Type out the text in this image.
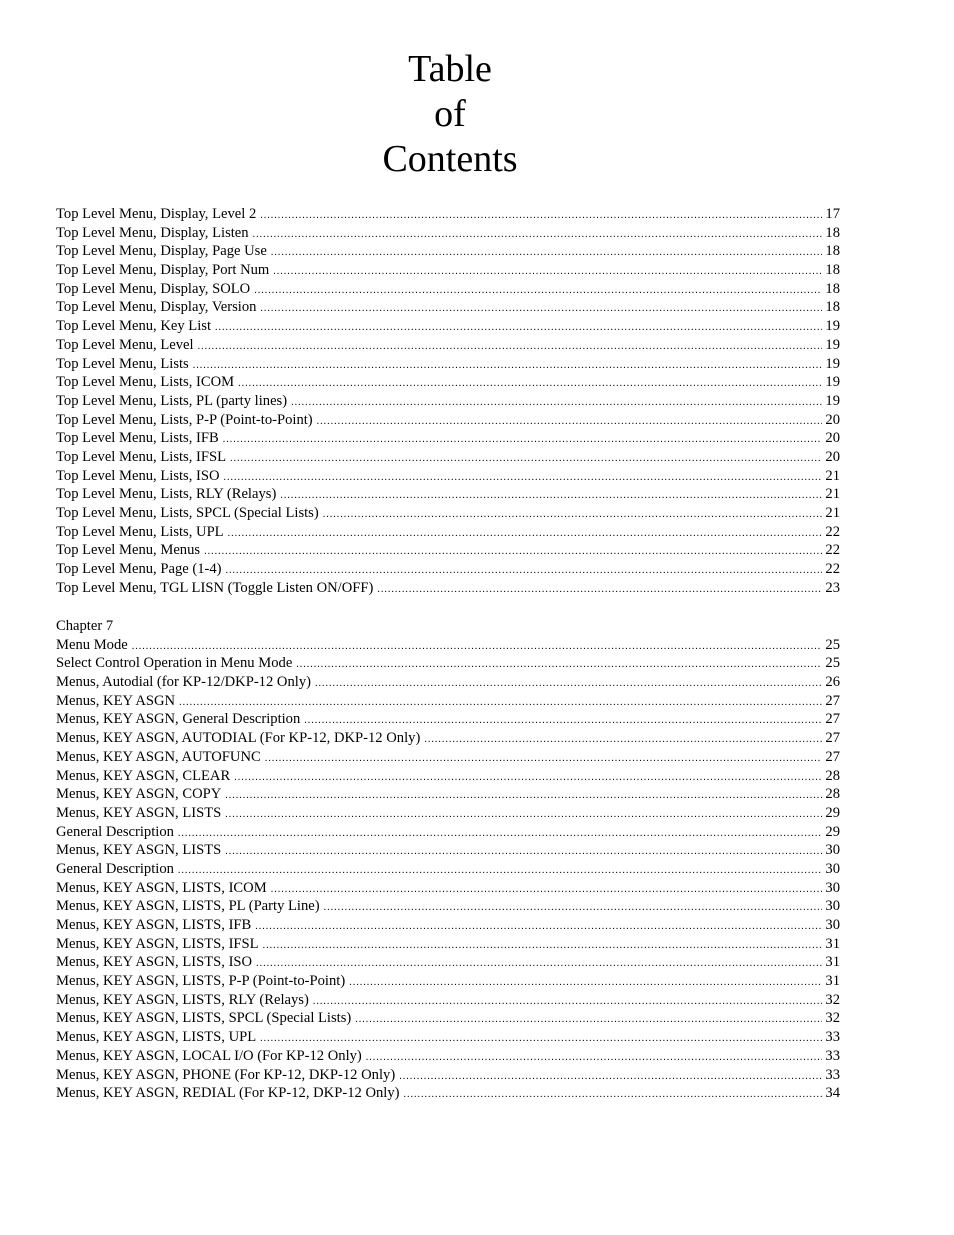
Table
of
Contents
Top Level Menu, Display, Level 2 .....	17
Top Level Menu, Display, Listen .....	18
Top Level Menu, Display, Page Use .....	18
Top Level Menu, Display, Port Num .....	18
Top Level Menu, Display, SOLO .....	18
Top Level Menu, Display, Version .....	18
Top Level Menu, Key List .....	19
Top Level Menu, Level .....	19
Top Level Menu, Lists .....	19
Top Level Menu, Lists, ICOM .....	19
Top Level Menu, Lists, PL (party lines) .....	19
Top Level Menu, Lists, P-P (Point-to-Point) .....	20
Top Level Menu, Lists, IFB .....	20
Top Level Menu, Lists, IFSL .....	20
Top Level Menu, Lists, ISO .....	21
Top Level Menu, Lists, RLY (Relays) .....	21
Top Level Menu, Lists, SPCL (Special Lists) .....	21
Top Level Menu, Lists, UPL .....	22
Top Level Menu, Menus .....	22
Top Level Menu, Page (1-4) .....	22
Top Level Menu, TGL LISN (Toggle Listen ON/OFF) .....	23
Chapter 7
Menu Mode .....	25
Select Control Operation in Menu Mode .....	25
Menus, Autodial (for KP-12/DKP-12 Only) .....	26
Menus, KEY ASGN .....	27
Menus, KEY ASGN, General Description .....	27
Menus, KEY ASGN, AUTODIAL (For KP-12, DKP-12 Only) .....	27
Menus, KEY ASGN, AUTOFUNC .....	27
Menus, KEY ASGN, CLEAR .....	28
Menus, KEY ASGN, COPY .....	28
Menus, KEY ASGN, LISTS .....	29
General Description .....	29
Menus, KEY ASGN, LISTS .....	30
General Description .....	30
Menus, KEY ASGN, LISTS, ICOM .....	30
Menus, KEY ASGN, LISTS, PL (Party Line) .....	30
Menus, KEY ASGN, LISTS, IFB .....	30
Menus, KEY ASGN, LISTS, IFSL .....	31
Menus, KEY ASGN, LISTS, ISO .....	31
Menus, KEY ASGN, LISTS, P-P (Point-to-Point) .....	31
Menus, KEY ASGN, LISTS, RLY (Relays) .....	32
Menus, KEY ASGN, LISTS, SPCL (Special Lists) .....	32
Menus, KEY ASGN, LISTS, UPL .....	33
Menus, KEY ASGN, LOCAL I/O (For KP-12 Only) .....	33
Menus, KEY ASGN, PHONE (For KP-12, DKP-12 Only) .....	33
Menus, KEY ASGN, REDIAL (For KP-12, DKP-12 Only) .....	34
